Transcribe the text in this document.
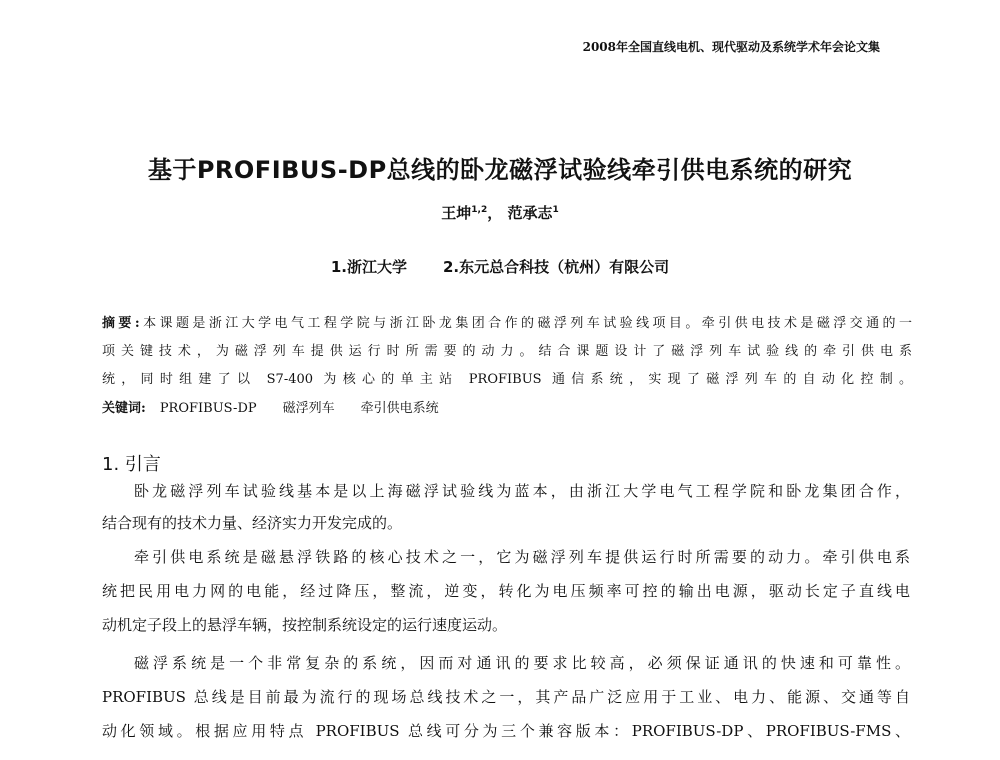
2008年全国直线电机、现代驱动及系统学术年会论文集
基于PROFIBUS-DP总线的卧龙磁浮试验线牵引供电系统的研究
王坤$^{1,2}$， 范承志$^1$
1.浙江大学 2.东元总合科技（杭州）有限公司
摘要:本课题是浙江大学电气工程学院与浙江卧龙集团合作的磁浮列车试验线项目。牵引供电技术是磁浮交通的一
项关键技术，为磁浮列车提供运行时所需要的动力。结合课题设计了磁浮列车试验线的牵引供电系
统，同时组建了以 S7-400 为核心的单主站 PROFIBUS 通信系统，实现了磁浮列车的自动化控制。
关键词: PROFIBUS-DP 磁浮列车 牵引供电系统
1. 引言
卧龙磁浮列车试验线基本是以上海磁浮试验线为蓝本，由浙江大学电气工程学院和卧龙集团合作，
结合现有的技术力量、经济实力开发完成的。
牵引供电系统是磁悬浮铁路的核心技术之一，它为磁浮列车提供运行时所需要的动力。牵引供电系
统把民用电力网的电能，经过降压，整流，逆变，转化为电压频率可控的输出电源，驱动长定子直线电
动机定子段上的悬浮车辆，按控制系统设定的运行速度运动。
磁浮系统是一个非常复杂的系统，因而对通讯的要求比较高，必须保证通讯的快速和可靠性。
PROFIBUS 总线是目前最为流行的现场总线技术之一，其产品广泛应用于工业、电力、能源、交通等自
动化领域。根据应用特点 PROFIBUS 总线可分为三个兼容版本：PROFIBUS-DP、PROFIBUS-FMS、
